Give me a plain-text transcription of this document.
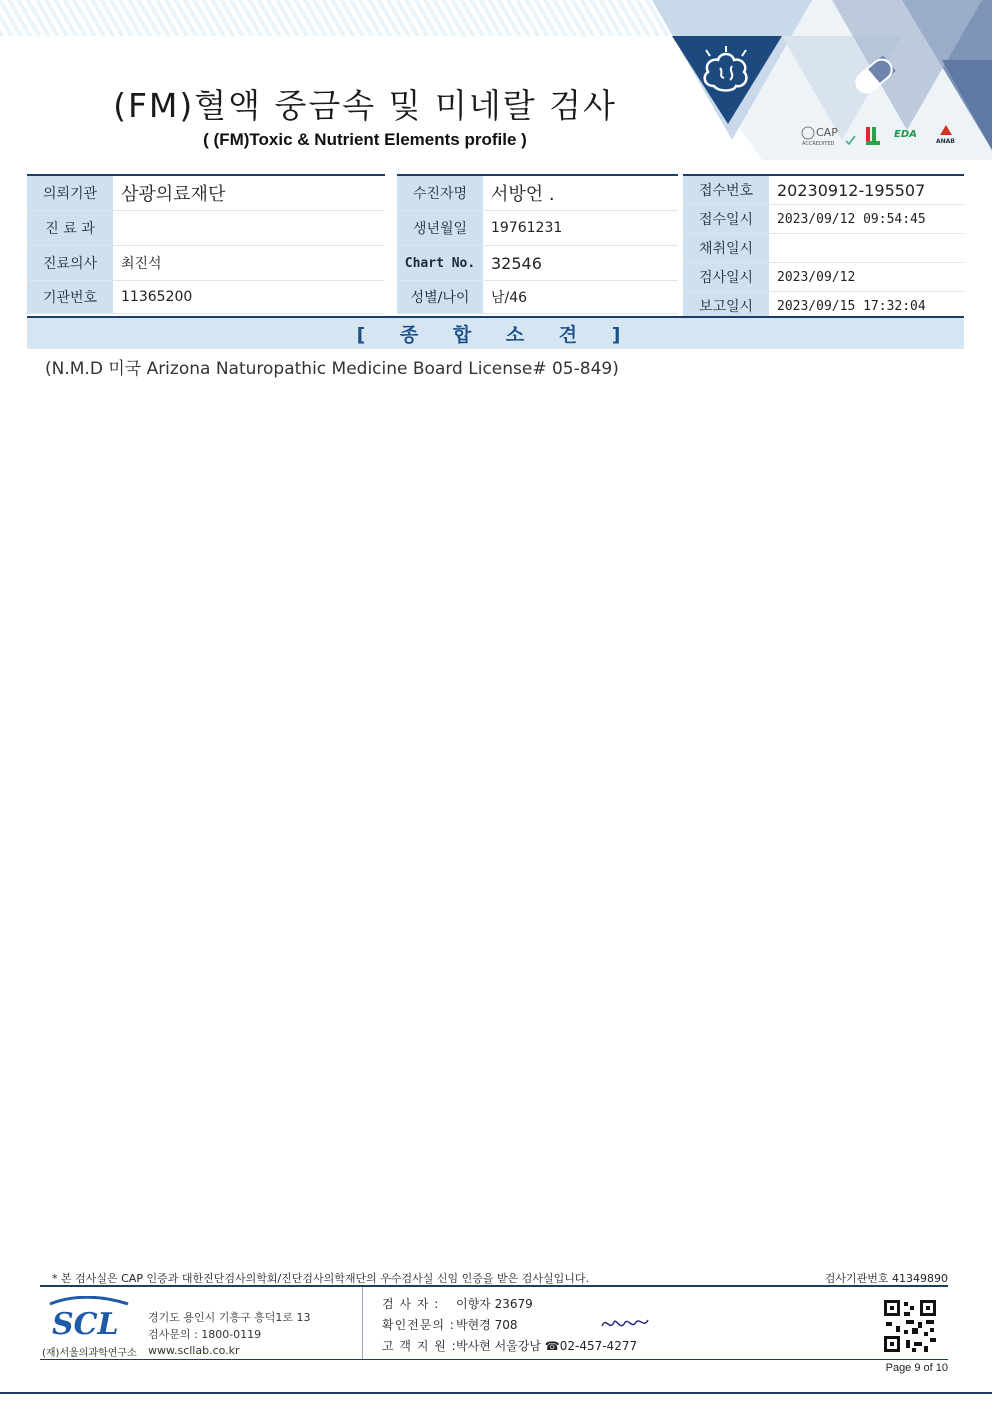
CAP
ACCREDITED
EDA
ANAB
(FM)혈액 중금속 및 미네랄 검사
( (FM)Toxic & Nutrient Elements profile )
의뢰기관	삼광의료재단
진 료 과
진료의사	최진석
기관번호	11365200
수진자명	서방언 .
생년월일	19761231
Chart No. 32546
성별/나이	남/46
접수번호	20230912-195507
접수일시	2023/09/12 09:54:45
채취일시
검사일시	2023/09/12
보고일시	2023/09/15 17:32:04
[ 종 합 소 견 ]
(N.M.D 미국 Arizona Naturopathic Medicine Board License# 05-849)
* 본 검사실은 CAP 인증과 대한진단검사의학회/진단검사의학재단의 우수검사실 신임 인증을 받은 검사실입니다.	검사기관번호 41349890
SCL
(재)서울의과학연구소
경기도 용인시 기흥구 흥덕1로 13
검사문의 : 1800-0119
www.scllab.co.kr
검 사 자 : 이향자 23679
확인전문의 :박현경 708
고 객 지 원 :박사현 서울강남 ☎02-457-4277
Page 9 of 10
